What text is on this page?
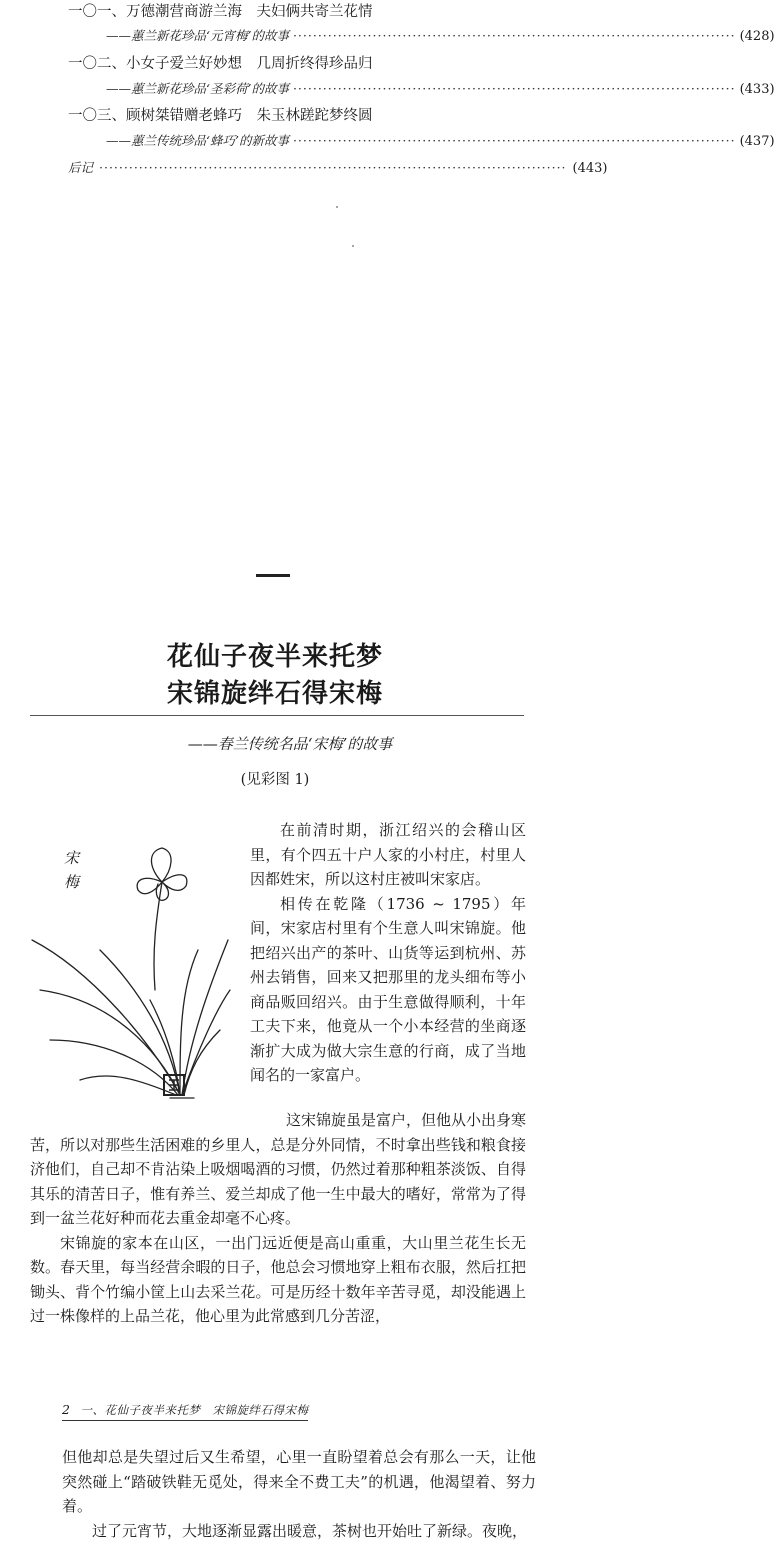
一〇一、万德潮营商游兰海　夫妇俩共寄兰花情
——蕙兰新花珍品‘元宵梅’的故事 ························································································· (428)
一〇二、小女子爱兰好妙想　几周折终得珍品归
——蕙兰新花珍品‘圣彩荷’的故事 ························································································· (433)
一〇三、顾树桀错赠老蜂巧　朱玉林蹉跎梦终圆
——蕙兰传统珍品‘蜂巧’的新故事 ························································································· (437)
后记 ······························································································ (443)
花仙子夜半来托梦
宋锦旋绊石得宋梅
——春兰传统名品‘宋梅’的故事
(见彩图 1)
宋梅

在前清时期，浙江绍兴的会稽山区里，有个四五十户人家的小村庄，村里人因都姓宋，所以这村庄被叫宋家店。

相传在乾隆（1736 ~ 1795）年间，宋家店村里有个生意人叫宋锦旋。他把绍兴出产的茶叶、山货等运到杭州、苏州去销售，回来又把那里的龙头细布等小商品贩回绍兴。由于生意做得顺利，十年工夫下来，他竟从一个小本经营的坐商逐渐扩大成为做大宗生意的行商，成了当地闻名的一家富户。

这宋锦旋虽是富户，但他从小出身寒苦，所以对那些生活困难的乡里人，总是分外同情，不时拿出些钱和粮食接济他们，自己却不肯沾染上吸烟喝酒的习惯，仍然过着那种粗茶淡饭、自得其乐的清苦日子，惟有养兰、爱兰却成了他一生中最大的嗜好，常常为了得到一盆兰花好种而花去重金却毫不心疼。

宋锦旋的家本在山区，一出门远近便是高山重重，大山里兰花生长无数。春天里，每当经营余暇的日子，他总会习惯地穿上粗布衣服，然后扛把锄头、背个竹编小筐上山去采兰花。可是历经十数年辛苦寻觅，却没能遇上过一株像样的上品兰花，他心里为此常感到几分苦涩，

2 一、花仙子夜半来托梦　宋锦旋绊石得宋梅

但他却总是失望过后又生希望，心里一直盼望着总会有那么一天，让他突然碰上“踏破铁鞋无觅处，得来全不费工夫”的机遇，他渴望着、努力着。

过了元宵节，大地逐渐显露出暖意，茶树也开始吐了新绿。夜晚，
